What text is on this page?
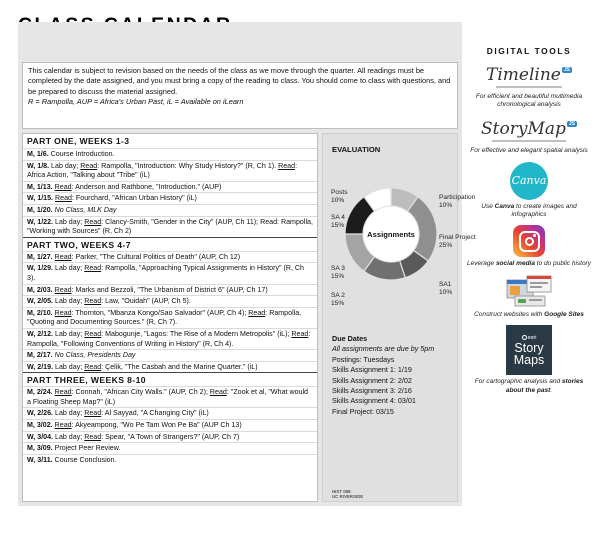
This calendar is subject to revision based on the needs of the class as we move through the quarter. All readings must be completed by the date assigned, and you must bring a copy of the reading to class. You should come to class with questions, and be prepared to discuss the material assigned.
R = Rampolla, AUP = Africa's Urban Past, iL = Available on iLearn
PART ONE, WEEKS 1-3
M, 1/6. Course Introduction.
W, 1/8. Lab day; Read: Rampolla, "Introduction: Why Study History?" (R, Ch 1). Read: Africa Action, "Talking about "Tribe" (iL)
M, 1/13. Read: Anderson and Rathbone, "Introduction." (AUP)
W, 1/15. Read: Fourchard, "African Urban History" (iL)
M, 1/20. No Class, MLK Day
W, 1/22. Lab day; Read: Clancy-Smith, "Gender in the City" (AUP, Ch 11); Read: Rampolla, "Working with Sources" (R, Ch 2)
PART TWO, WEEKS 4-7
M, 1/27. Read: Parker, "The Cultural Politics of Death" (AUP, Ch 12)
W, 1/29. Lab day; Read: Rampolla, "Approaching Typical Assignments in History" (R, Ch 3).
M, 2/03. Read: Marks and Bezzoli, "The Urbanism of District 6" (AUP, Ch 17)
W, 2/05. Lab day; Read: Law, "Ouidah" (AUP, Ch 5).
M, 2/10. Read: Thornton, "Mbanza Kongo/Sao Salvador" (AUP, Ch 4); Read: Rampolla, "Quoting and Documenting Sources." (R, Ch 7).
W, 2/12. Lab day; Read: Mabogunje, "Lagos: The Rise of a Modern Metropolis" (iL); Read: Rampolla, "Following Conventions of Writing in History" (R, Ch 4).
M, 2/17. No Class, Presidents Day
W, 2/19. Lab day; Read: Çelik, "The Casbah and the Marine Quarter." (iL)
PART THREE, WEEKS 8-10
M, 2/24. Read: Connah, "African City Walls." (AUP, Ch 2); Read: "Zook et al, "What would a Floating Sheep Map?" (iL)
W, 2/26. Lab day; Read: Al Sayyad, "A Changing City" (iL)
M, 3/02. Read: Akyeampong, "Wo Pe Tam Won Pe Ba" (AUP Ch 13)
W, 3/04. Lab day; Read: Spear, "A Town of Strangers?" (AUP, Ch 7)
M, 3/09. Project Peer Review.
W, 3/11. Course Conclusion.
EVALUATION
Assignments
Posts
10%	Participation
10%
SA 4
15%
Final Project
25%
SA 3
15%
SA1
10%
SA 2
15%
Due Dates
All assignments are due by 5pm
Postings: Tuesdays
Skills Assignment 1: 1/19
Skills Assignment 2: 2/02
Skills Assignment 3: 2/16
Skills Assignment 4: 03/01
Final Project: 03/15
HIST 088
UC RIVERSIDE
DIGITAL TOOLS
Timeline JS
For efficient and beautiful multimedia chronological analysis
StoryMap JS
For effective and elegant spatial analysis
Canva
Use Canva to create images and infographics
Leverage social media to do public history
Construct websites with Google Sites
esri
Story
Maps
For cartographic analysis and stories about the past.
